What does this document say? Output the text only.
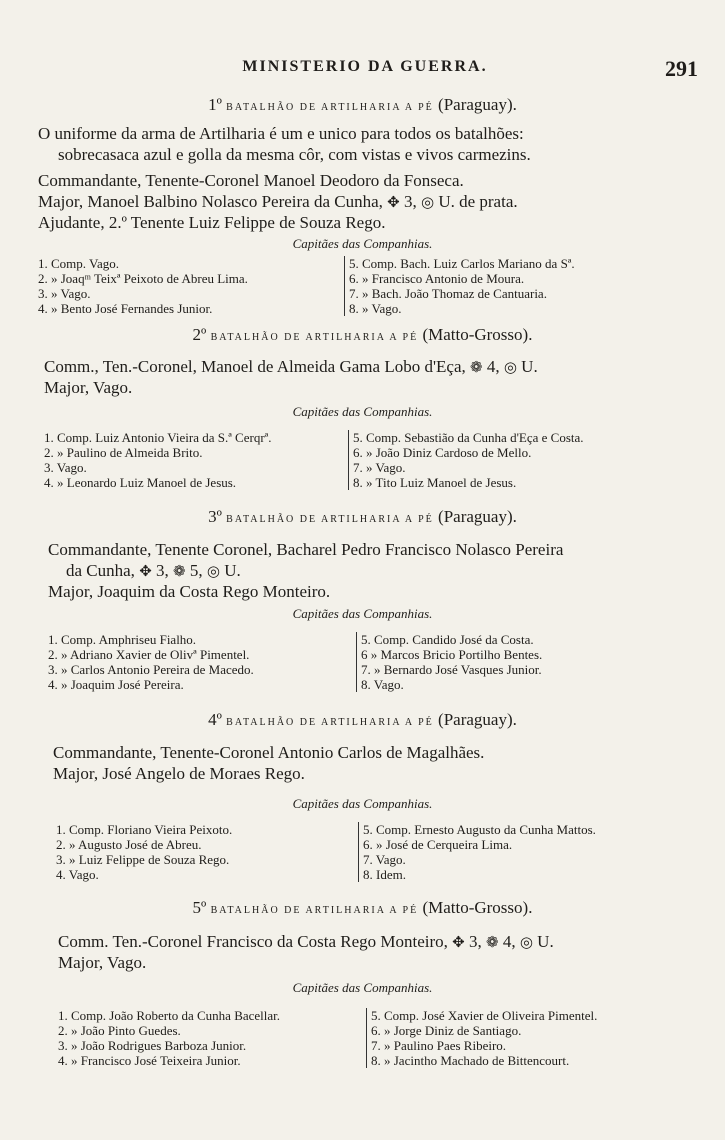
MINISTERIO DA GUERRA.	291
1º BATALHÃO DE ARTILHARIA A PÉ (Paraguay).
O uniforme da arma de Artilharia é um e unico para todos os batalhões:
sobrecasaca azul e golla da mesma côr, com vistas e vivos carmezins.
Commandante, Tenente-Coronel Manoel Deodoro da Fonseca.
Major, Manoel Balbino Nolasco Pereira da Cunha, ✥ 3, ◎ U. de prata.
Ajudante, 2.º Tenente Luiz Felippe de Souza Rego.
Capitães das Companhias.
1. Comp. Vago.
2. » Joaqᵐ Teixª Peixoto de Abreu Lima.
3. » Vago.
4. » Bento José Fernandes Junior.
5. Comp. Bach. Luiz Carlos Mariano da Sª.
6. » Francisco Antonio de Moura.
7. » Bach. João Thomaz de Cantuaria.
8. » Vago.
2º BATALHÃO DE ARTILHARIA A PÉ (Matto-Grosso).
Comm., Ten.-Coronel, Manoel de Almeida Gama Lobo d'Eça, ❁ 4, ◎ U.
Major, Vago.
Capitães das Companhias.
1. Comp. Luiz Antonio Vieira da S.ª Cerqrª.
2. » Paulino de Almeida Brito.
3. Vago.
4. » Leonardo Luiz Manoel de Jesus.
5. Comp. Sebastião da Cunha d'Eça e Costa.
6. » João Diniz Cardoso de Mello.
7. » Vago.
8. » Tito Luiz Manoel de Jesus.
3º BATALHÃO DE ARTILHARIA A PÉ (Paraguay).
Commandante, Tenente Coronel, Bacharel Pedro Francisco Nolasco Pereira
da Cunha, ✥ 3, ❁ 5, ◎ U.
Major, Joaquim da Costa Rego Monteiro.
Capitães das Companhias.
1. Comp. Amphriseu Fialho.
2. » Adriano Xavier de Olivª Pimentel.
3. » Carlos Antonio Pereira de Macedo.
4. » Joaquim José Pereira.
5. Comp. Candido José da Costa.
6 » Marcos Bricio Portilho Bentes.
7. » Bernardo José Vasques Junior.
8. Vago.
4º BATALHÃO DE ARTILHARIA A PÉ (Paraguay).
Commandante, Tenente-Coronel Antonio Carlos de Magalhães.
Major, José Angelo de Moraes Rego.
Capitães das Companhias.
1. Comp. Floriano Vieira Peixoto.
2. » Augusto José de Abreu.
3. » Luiz Felippe de Souza Rego.
4. Vago.
5. Comp. Ernesto Augusto da Cunha Mattos.
6. » José de Cerqueira Lima.
7. Vago.
8. Idem.
5º BATALHÃO DE ARTILHARIA A PÉ (Matto-Grosso).
Comm. Ten.-Coronel Francisco da Costa Rego Monteiro, ✥ 3, ❁ 4, ◎ U.
Major, Vago.
Capitães das Companhias.
1. Comp. João Roberto da Cunha Bacellar.
2. » João Pinto Guedes.
3. » João Rodrigues Barboza Junior.
4. » Francisco José Teixeira Junior.
5. Comp. José Xavier de Oliveira Pimentel.
6. » Jorge Diniz de Santiago.
7. » Paulino Paes Ribeiro.
8. » Jacintho Machado de Bittencourt.
